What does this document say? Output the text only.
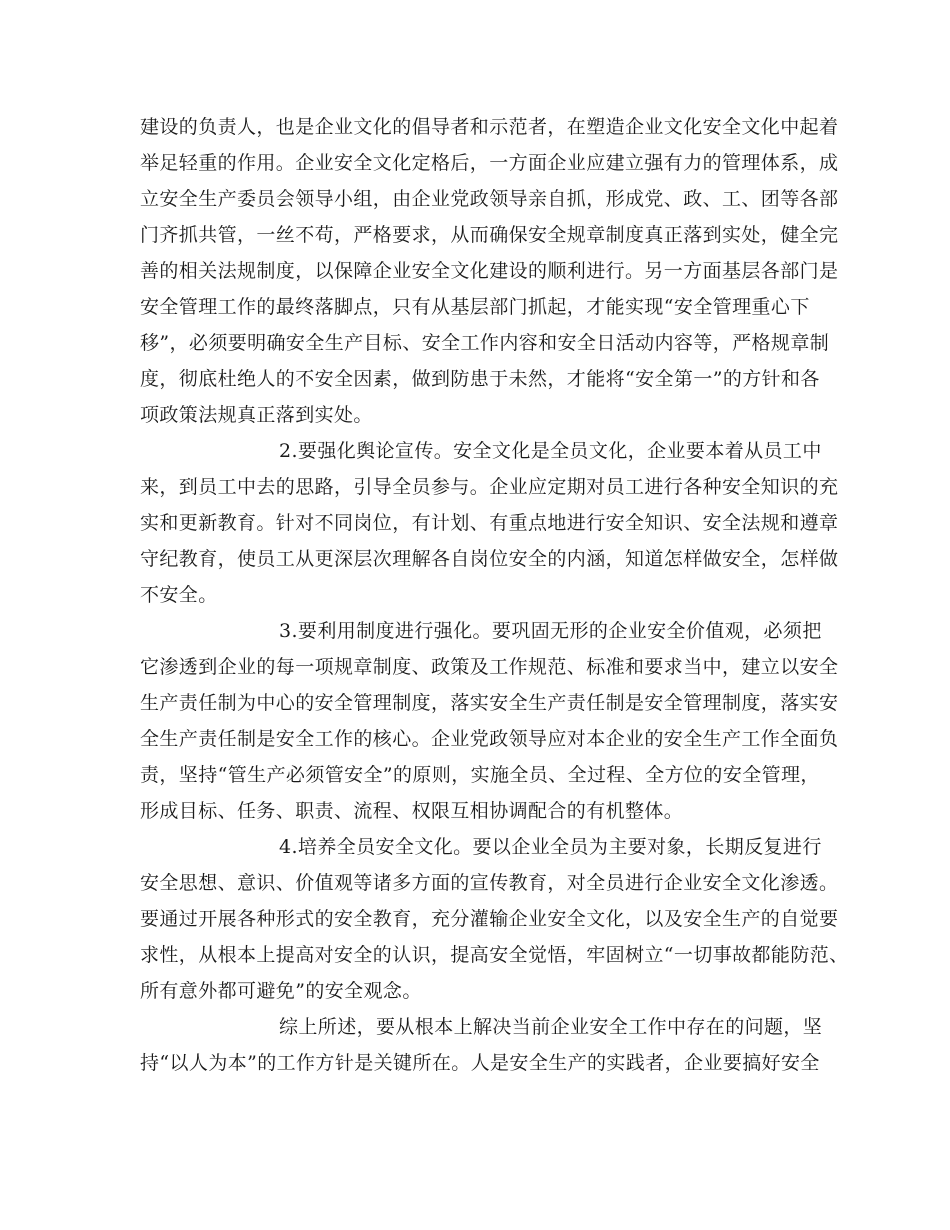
建设的负责人，也是企业文化的倡导者和示范者，在塑造企业文化安全文化中起着
举足轻重的作用。企业安全文化定格后，一方面企业应建立强有力的管理体系，成
立安全生产委员会领导小组，由企业党政领导亲自抓，形成党、政、工、团等各部
门齐抓共管，一丝不苟，严格要求，从而确保安全规章制度真正落到实处，健全完
善的相关法规制度，以保障企业安全文化建设的顺利进行。另一方面基层各部门是
安全管理工作的最终落脚点，只有从基层部门抓起，才能实现“安全管理重心下
移”，必须要明确安全生产目标、安全工作内容和安全日活动内容等，严格规章制
度，彻底杜绝人的不安全因素，做到防患于未然，才能将“安全第一”的方针和各
项政策法规真正落到实处。
2.要强化舆论宣传。安全文化是全员文化，企业要本着从员工中
来，到员工中去的思路，引导全员参与。企业应定期对员工进行各种安全知识的充
实和更新教育。针对不同岗位，有计划、有重点地进行安全知识、安全法规和遵章
守纪教育，使员工从更深层次理解各自岗位安全的内涵，知道怎样做安全，怎样做
不安全。
3.要利用制度进行强化。要巩固无形的企业安全价值观，必须把
它渗透到企业的每一项规章制度、政策及工作规范、标准和要求当中，建立以安全
生产责任制为中心的安全管理制度，落实安全生产责任制是安全管理制度，落实安
全生产责任制是安全工作的核心。企业党政领导应对本企业的安全生产工作全面负
责，坚持“管生产必须管安全”的原则，实施全员、全过程、全方位的安全管理，
形成目标、任务、职责、流程、权限互相协调配合的有机整体。
4.培养全员安全文化。要以企业全员为主要对象，长期反复进行
安全思想、意识、价值观等诸多方面的宣传教育，对全员进行企业安全文化渗透。
要通过开展各种形式的安全教育，充分灌输企业安全文化，以及安全生产的自觉要
求性，从根本上提高对安全的认识，提高安全觉悟，牢固树立“一切事故都能防范、
所有意外都可避免”的安全观念。
综上所述，要从根本上解决当前企业安全工作中存在的问题，坚
持“以人为本”的工作方针是关键所在。人是安全生产的实践者，企业要搞好安全
